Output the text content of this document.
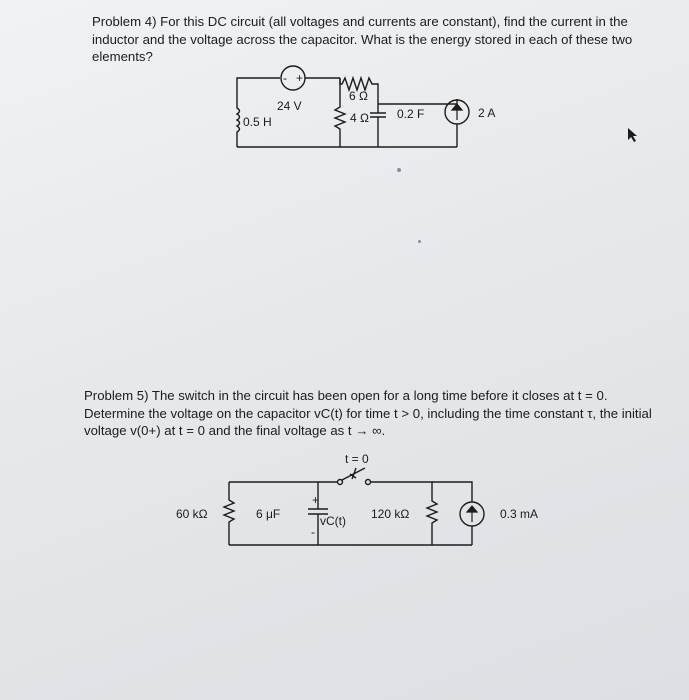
Problem 4) For this DC circuit (all voltages and currents are constant), find the current in the inductor and the voltage across the capacitor. What is the energy stored in each of these two elements?

- +
24 V
6 Ω
0.5 H	4 Ω 0.2 F	2 A
t = 0
60 kΩ	6 μF
+
-
vC(t) 120 kΩ	0.3 mA

Problem 5) The switch in the circuit has been open for a long time before it closes at t = 0. Determine the voltage on the capacitor vC(t) for time t > 0, including the time constant τ, the initial voltage v(0+) at t = 0 and the final voltage as t → ∞.
